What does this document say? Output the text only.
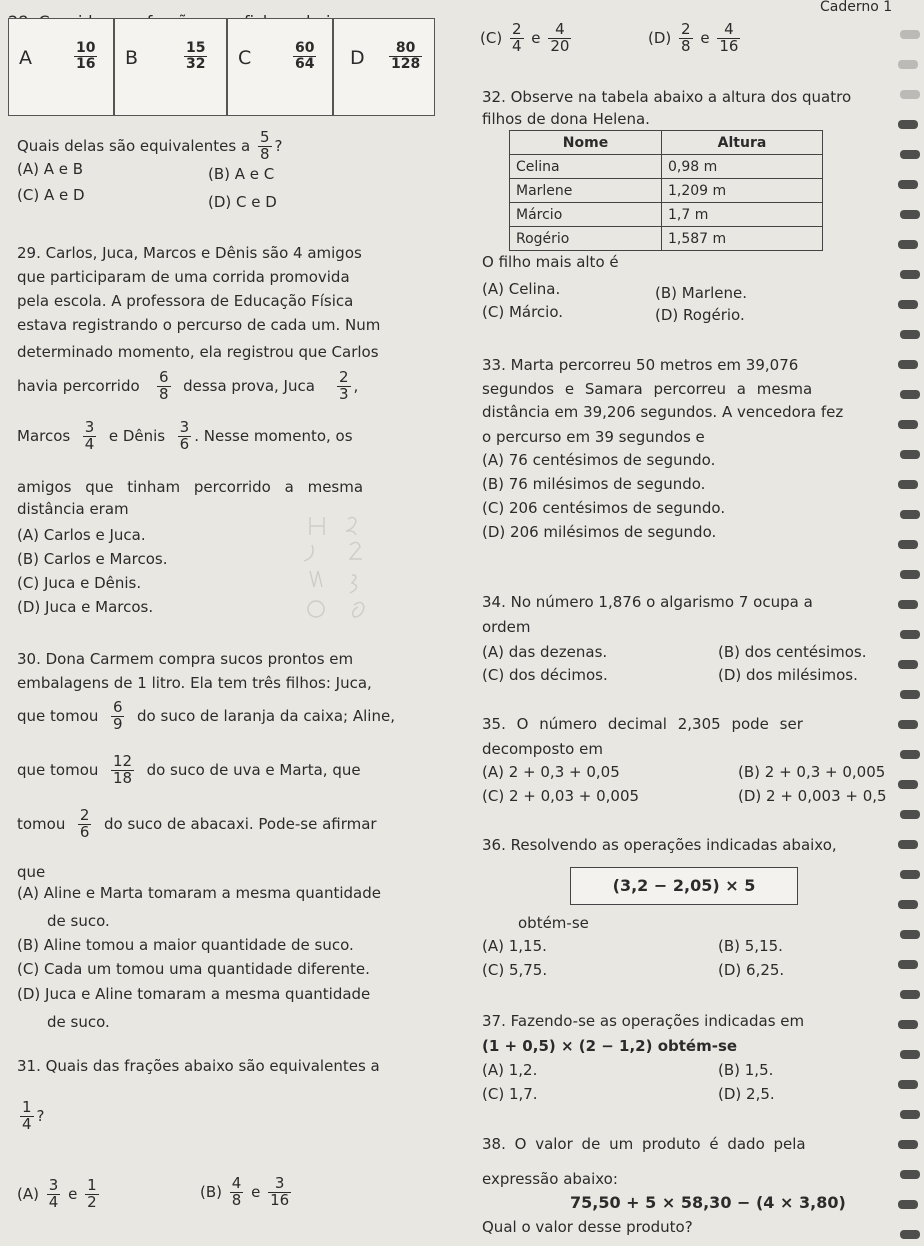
Caderno 1
A	$\frac{10}{16}$ B	$\frac{15}{32}$ C	$\frac{60}{64}$ D $\frac{80}{128}$
Quais delas são equivalentes a $\frac{5}{8}$ ?
(A) A e B	(B) A e C
(C) A e D	(D) C e D
$(C) \frac{2}{4}$ e $\frac{4}{20}$	$(D) \frac{2}{8}$ e $\frac{4}{16}$
32. Observe na tabela abaixo a altura dos quatro
filhos de dona Helena.
Nome	Altura
Celina	0,98 m
Marlene	1,209 m
Márcio	1,7 m
Rogério	1,587 m
O filho mais alto é
(A) Celina.	(B) Marlene.
(C) Márcio.	(D) Rogério.
29. Carlos, Juca, Marcos e Dênis são 4 amigos
que participaram de uma corrida promovida
pela escola. A professora de Educação Física
estava registrando o percurso de cada um. Num
determinado momento, ela registrou que Carlos
havia percorrido $\frac{6}{8}$ dessa prova, Juca $\frac{2}{3}$ ,
Marcos $\frac{3}{4}$ e Dênis $\frac{3}{6}$ . Nesse momento, os
amigos que tinham percorrido a mesma
distância eram
(A) Carlos e Juca.
(B) Carlos e Marcos.
(C) Juca e Dênis.
(D) Juca e Marcos.
30. Dona Carmem compra sucos prontos em
embalagens de 1 litro. Ela tem três filhos: Juca,
que tomou $\frac{6}{9}$ do suco de laranja da caixa; Aline,
que tomou $\frac{12}{18}$ do suco de uva e Marta, que
tomou $\frac{2}{6}$ do suco de abacaxi. Pode-se afirmar
que
(A) Aline e Marta tomaram a mesma quantidade
de suco.
(B) Aline tomou a maior quantidade de suco.
(C) Cada um tomou uma quantidade diferente.
(D) Juca e Aline tomaram a mesma quantidade
de suco.
31. Quais das frações abaixo são equivalentes a
$\frac{1}{4}$ ?
$(A) \frac{3}{4}$ e $\frac{1}{2}$	$(B) \frac{4}{8}$ e $\frac{3}{16}$
33. Marta percorreu 50 metros em 39,076
segundos e Samara percorreu a mesma
distância em 39,206 segundos. A vencedora fez
o percurso em 39 segundos e
(A) 76 centésimos de segundo.
(B) 76 milésimos de segundo.
(C) 206 centésimos de segundo.
(D) 206 milésimos de segundo.
34. No número 1,876 o algarismo 7 ocupa a
ordem
(A) das dezenas.	(B) dos centésimos.
(C) dos décimos.	(D) dos milésimos.
35. O número decimal 2,305 pode ser
decomposto em
(A) 2 + 0,3 + 0,05	(B) 2 + 0,3 + 0,005
(C) 2 + 0,03 + 0,005	(D) 2 + 0,003 + 0,5
36. Resolvendo as operações indicadas abaixo,
(3,2 − 2,05) × 5
obtém-se
(A) 1,15.	(B) 5,15.
(C) 5,75.	(D) 6,25.
37. Fazendo-se as operações indicadas em
(1 + 0,5) × (2 − 1,2) obtém-se
(A) 1,2.	(B) 1,5.
(C) 1,7.	(D) 2,5.
38. O valor de um produto é dado pela
expressão abaixo:
75,50 + 5 × 58,30 − (4 × 3,80)
Qual o valor desse produto?
